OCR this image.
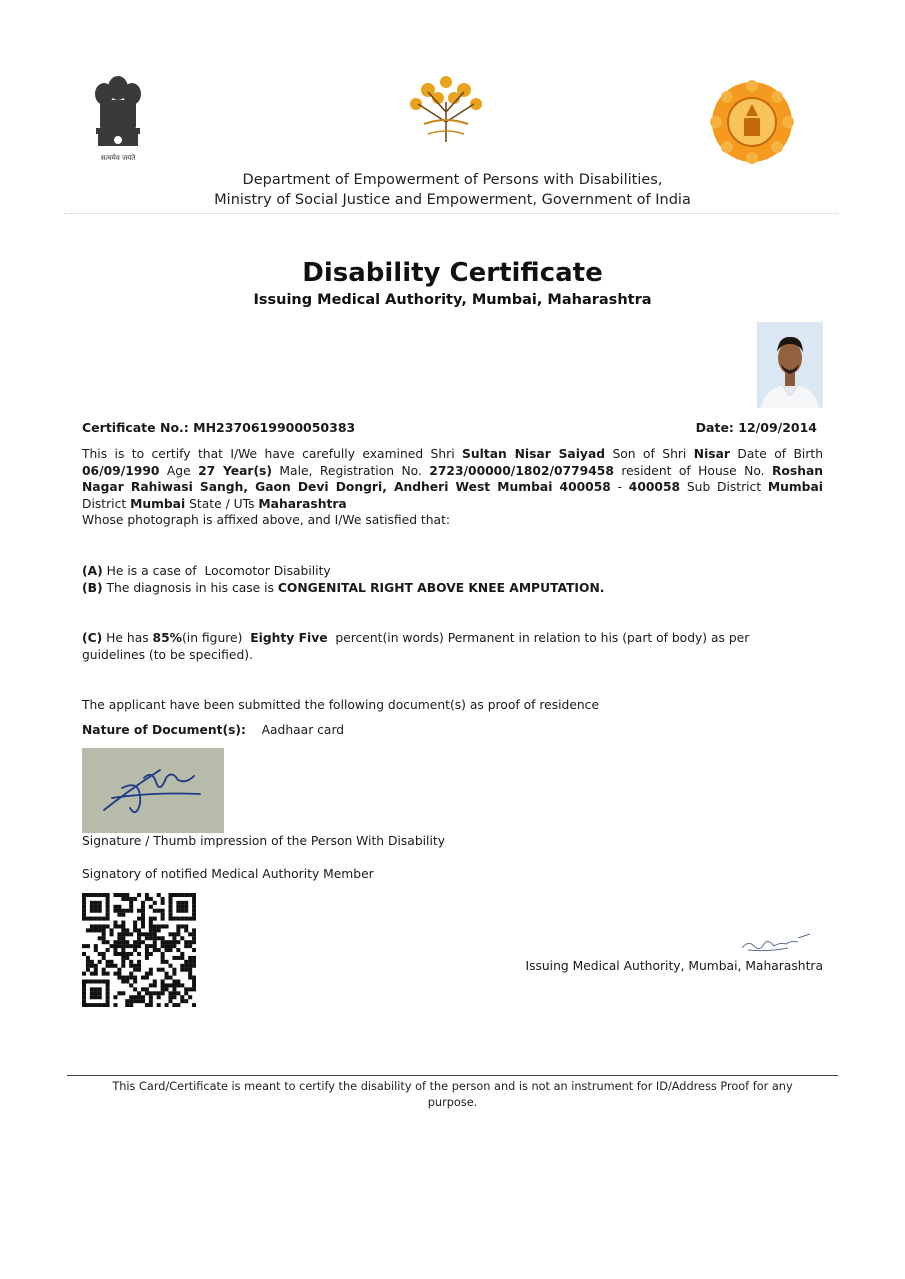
सत्यमेव जयते
Department of Empowerment of Persons with Disabilities,
Ministry of Social Justice and Empowerment, Government of India
Disability Certificate
Issuing Medical Authority, Mumbai, Maharashtra
Certificate No.: MH2370619900050383	Date: 12/09/2014
This is to certify that I/We have carefully examined Shri Sultan Nisar Saiyad Son of Shri Nisar Date of Birth 06/09/1990 Age 27 Year(s) Male, Registration No. 2723/00000/1802/0779458 resident of House No. Roshan Nagar Rahiwasi Sangh, Gaon Devi Dongri, Andheri West Mumbai 400058 - 400058 Sub District Mumbai District Mumbai State / UTs Maharashtra
Whose photograph is affixed above, and I/We satisfied that:
(A) He is a case of  Locomotor Disability
(B) The diagnosis in his case is CONGENITAL RIGHT ABOVE KNEE AMPUTATION.
(C) He has 85%(in figure)  Eighty Five  percent(in words) Permanent in relation to his (part of body) as per guidelines (to be specified).
The applicant have been submitted the following document(s) as proof of residence
Nature of Document(s): Aadhaar card
Signature / Thumb impression of the Person With Disability
Signatory of notified Medical Authority Member
Issuing Medical Authority, Mumbai, Maharashtra
This Card/Certificate is meant to certify the disability of the person and is not an instrument for ID/Address Proof for any purpose.
